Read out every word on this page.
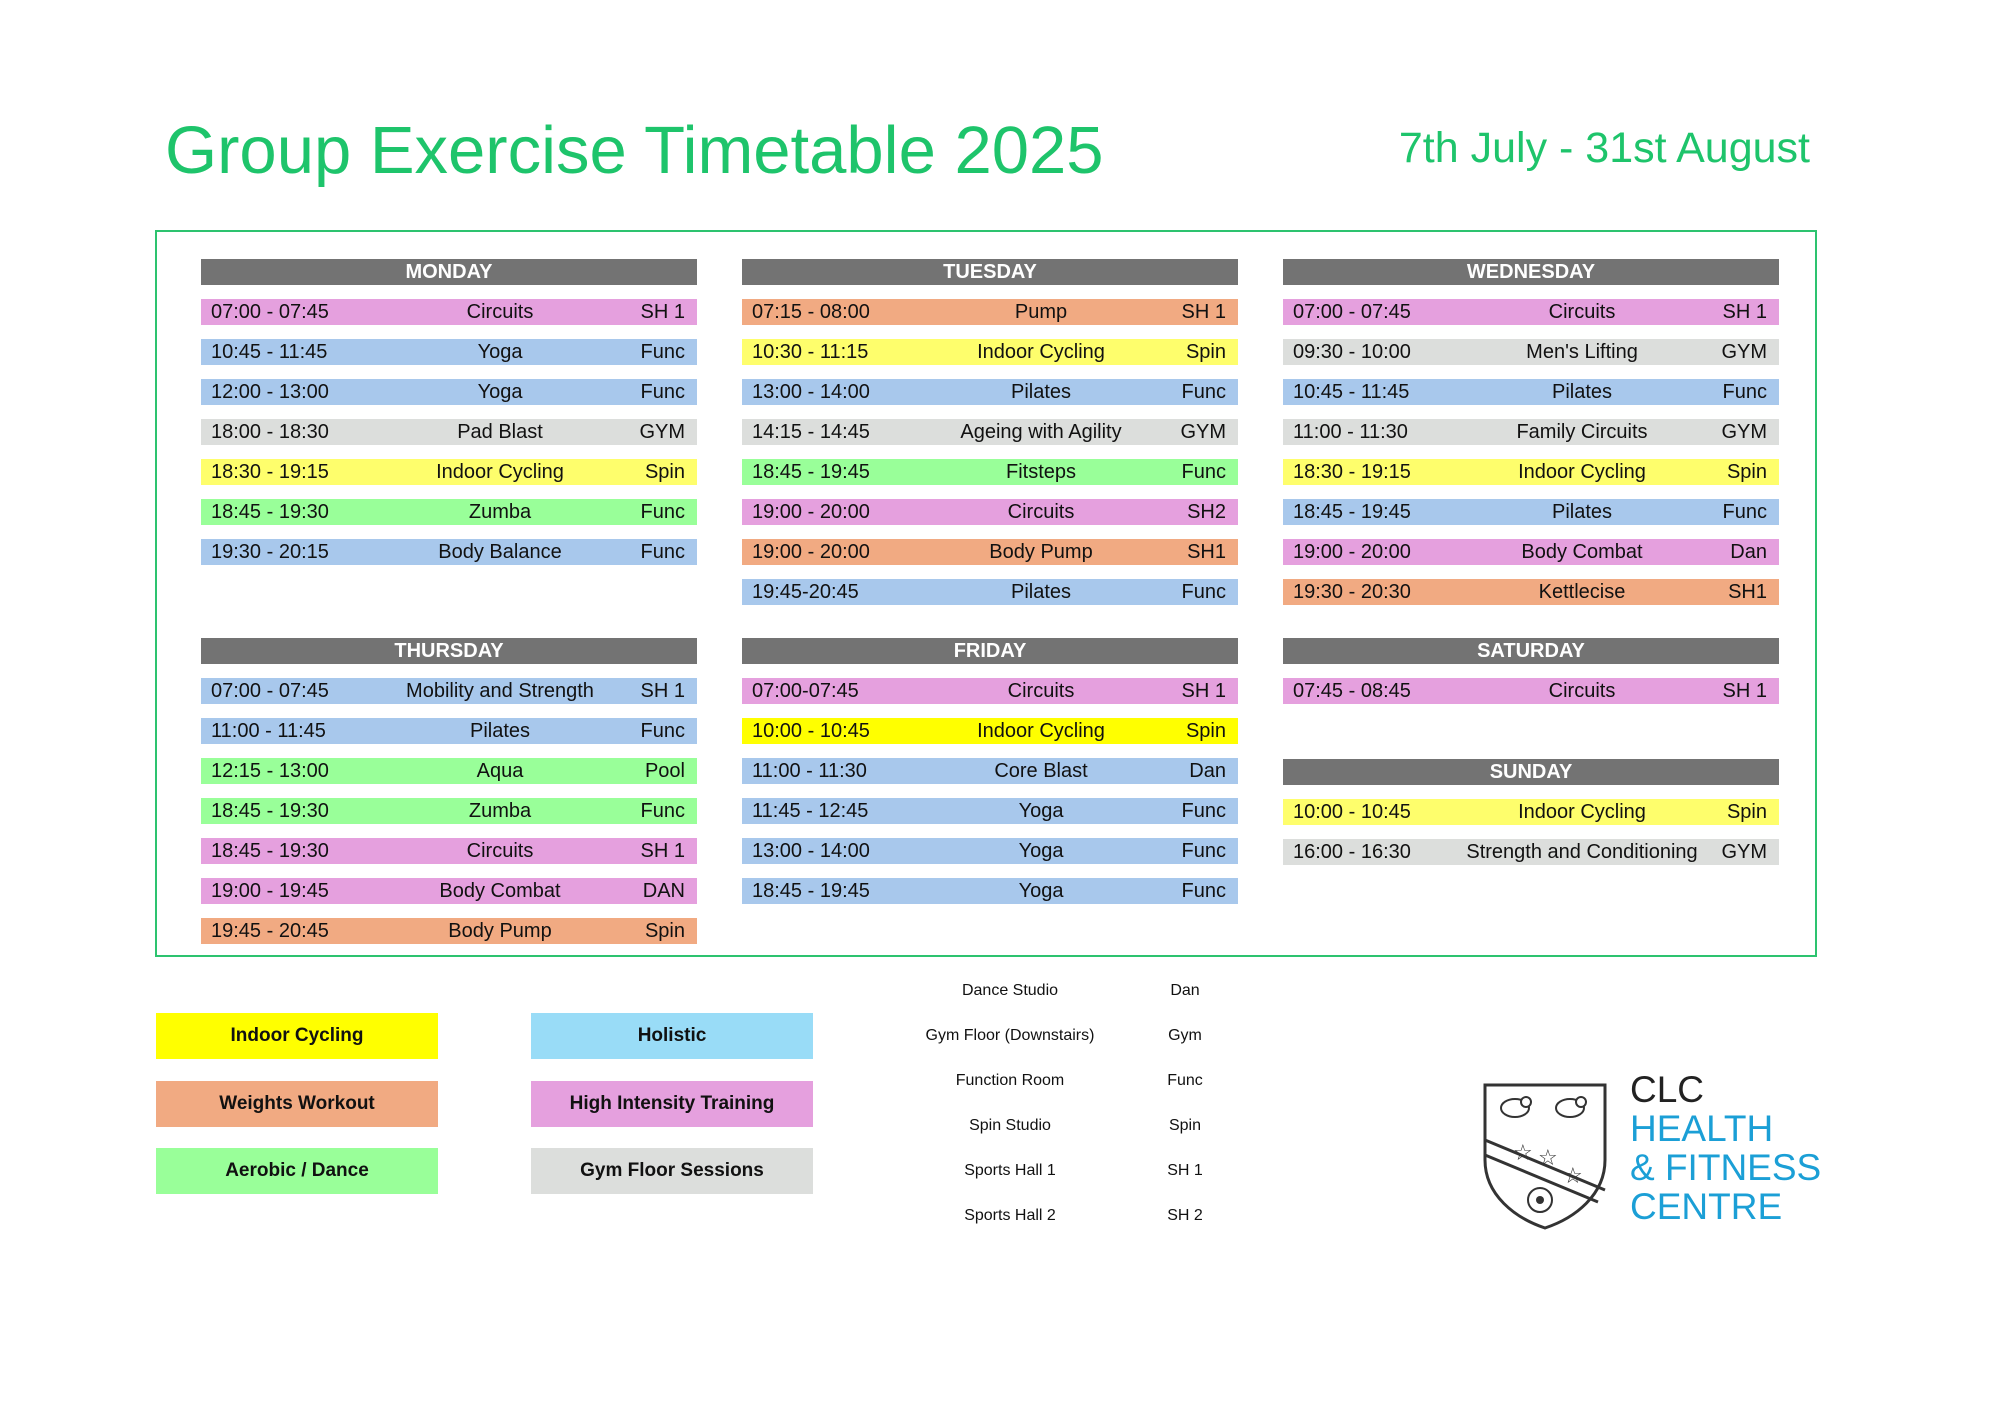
Group Exercise Timetable 2025	7th July - 31st August
MONDAY
07:00 - 07:45	Circuits	SH 1
10:45 - 11:45	Yoga	Func
12:00 - 13:00	Yoga	Func
18:00 - 18:30	Pad Blast	GYM
18:30 - 19:15	Indoor Cycling	Spin
18:45 - 19:30	Zumba	Func
19:30 - 20:15	Body Balance	Func
TUESDAY
07:15 - 08:00	Pump	SH 1
10:30 - 11:15	Indoor Cycling	Spin
13:00 - 14:00	Pilates	Func
14:15 - 14:45	Ageing with Agility	GYM
18:45 - 19:45	Fitsteps	Func
19:00 - 20:00	Circuits	SH2
19:00 - 20:00	Body Pump	SH1
19:45-20:45	Pilates	Func
WEDNESDAY
07:00 - 07:45	Circuits	SH 1
09:30 - 10:00	Men's Lifting	GYM
10:45 - 11:45	Pilates	Func
11:00 - 11:30	Family Circuits	GYM
18:30 - 19:15	Indoor Cycling	Spin
18:45 - 19:45	Pilates	Func
19:00 - 20:00	Body Combat	Dan
19:30 - 20:30	Kettlecise	SH1
THURSDAY
07:00 - 07:45	Mobility and Strength	SH 1
11:00 - 11:45	Pilates	Func
12:15 - 13:00	Aqua	Pool
18:45 - 19:30	Zumba	Func
18:45 - 19:30	Circuits	SH 1
19:00 - 19:45	Body Combat	DAN
19:45 - 20:45	Body Pump	Spin
FRIDAY
07:00-07:45	Circuits	SH 1
10:00 - 10:45	Indoor Cycling	Spin
11:00 - 11:30	Core Blast	Dan
11:45 - 12:45	Yoga	Func
13:00 - 14:00	Yoga	Func
18:45 - 19:45	Yoga	Func
SATURDAY
07:45 - 08:45	Circuits	SH 1
SUNDAY
10:00 - 10:45	Indoor Cycling	Spin
16:00 - 16:30	Strength and Conditioning	GYM
Indoor Cycling	Holistic
Weights Workout	High Intensity Training
Aerobic / Dance	Gym Floor Sessions
Dance Studio	Dan
Gym Floor (Downstairs)	Gym
Function Room	Func
Spin Studio	Spin
Sports Hall 1	SH 1
Sports Hall 2	SH 2
☆
☆
☆
CLC
HEALTH
& FITNESS
CENTRE
